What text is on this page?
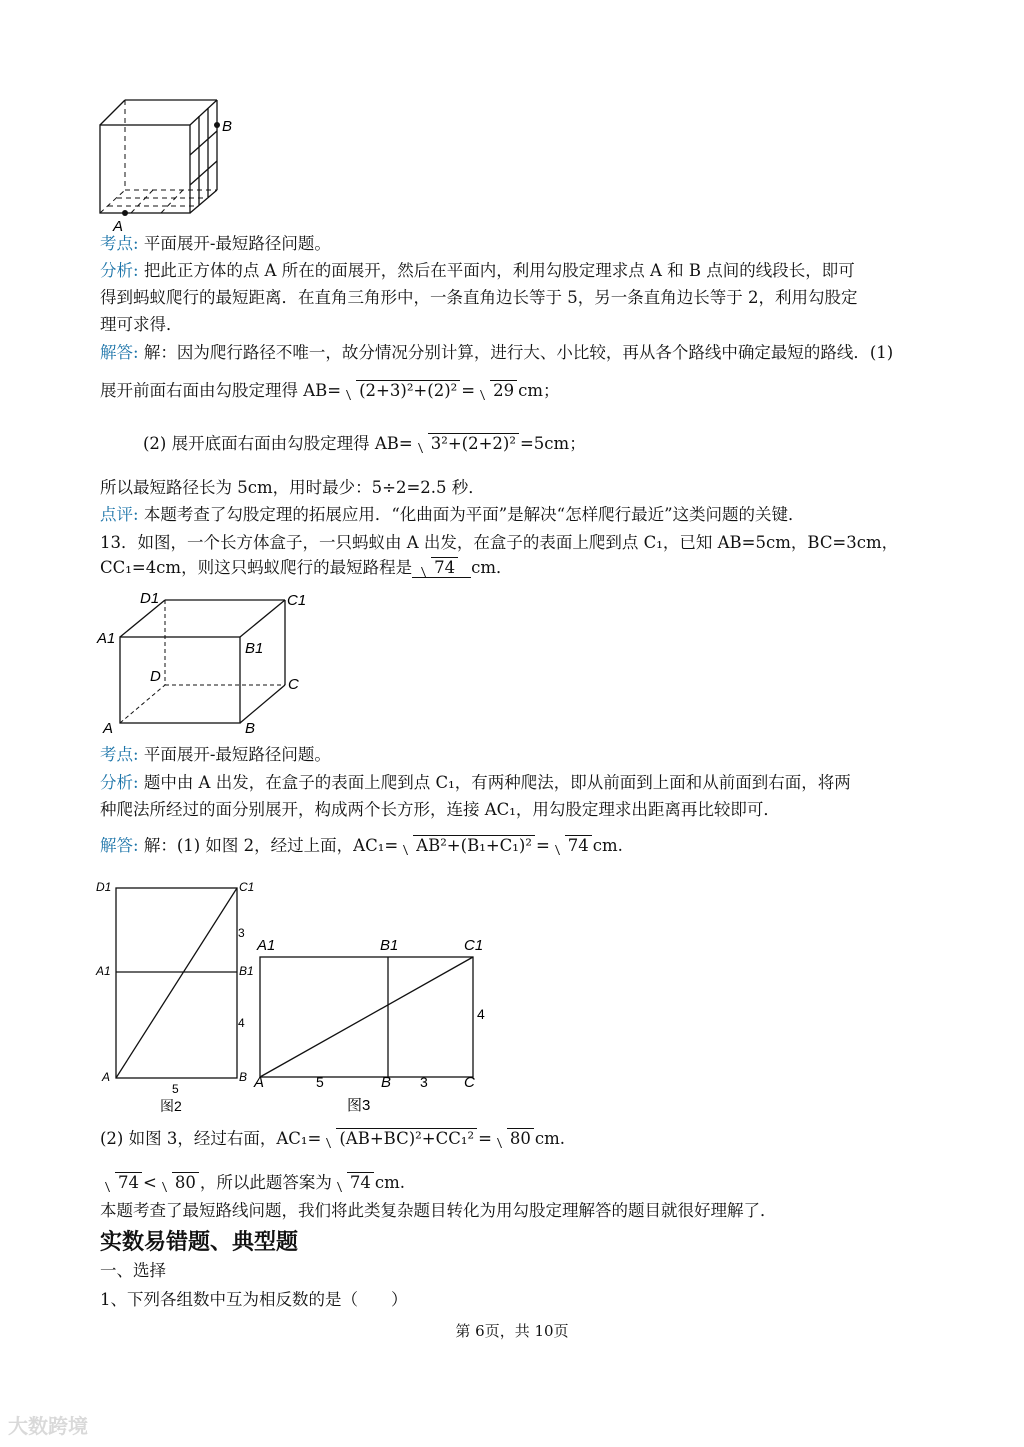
B
A
考点: 平面展开-最短路径问题。
分析: 把此正方体的点 A 所在的面展开，然后在平面内，利用勾股定理求点 A 和 B 点间的线段长，即可
得到蚂蚁爬行的最短距离．在直角三角形中，一条直角边长等于 5，另一条直角边长等于 2，利用勾股定
理可求得．
解答: 解：因为爬行路径不唯一，故分情况分别计算，进行大、小比较，再从各个路线中确定最短的路线．(1)
展开前面右面由勾股定理得 AB= (2+3)²+(2)² = 29 cm；
(2) 展开底面右面由勾股定理得 AB= 3²+(2+2)² =5cm；
所以最短路径长为 5cm，用时最少：5÷2=2.5 秒．
点评: 本题考查了勾股定理的拓展应用．“化曲面为平面”是解决“怎样爬行最近”这类问题的关键．
13．如图，一个长方体盒子，一只蚂蚁由 A 出发，在盒子的表面上爬到点 C₁，已知 AB=5cm，BC=3cm，
CC₁=4cm，则这只蚂蚁爬行的最短路程是 74 cm．
D1	C1
A1
B1
D	C
A	B
考点: 平面展开-最短路径问题。
分析: 题中由 A 出发，在盒子的表面上爬到点 C₁，有两种爬法，即从前面到上面和从前面到右面，将两
种爬法所经过的面分别展开，构成两个长方形，连接 AC₁，用勾股定理求出距离再比较即可．
解答: 解：(1) 如图 2，经过上面，AC₁= AB²+(B₁+C₁)² = 74 cm.
D1	C1
A1	B1
A	B
3
4
5
图2
A1	B1	C1
A	B	C
5	3
4
图3
(2) 如图 3，经过右面，AC₁= (AB+BC)²+CC₁² = 80 cm.
74 < 80 ，所以此题答案为 74 cm.
本题考查了最短路线问题，我们将此类复杂题目转化为用勾股定理解答的题目就很好理解了．
实数易错题、典型题
一、选择
1、下列各组数中互为相反数的是（　　）
第 6页，共 10页
大数跨境
